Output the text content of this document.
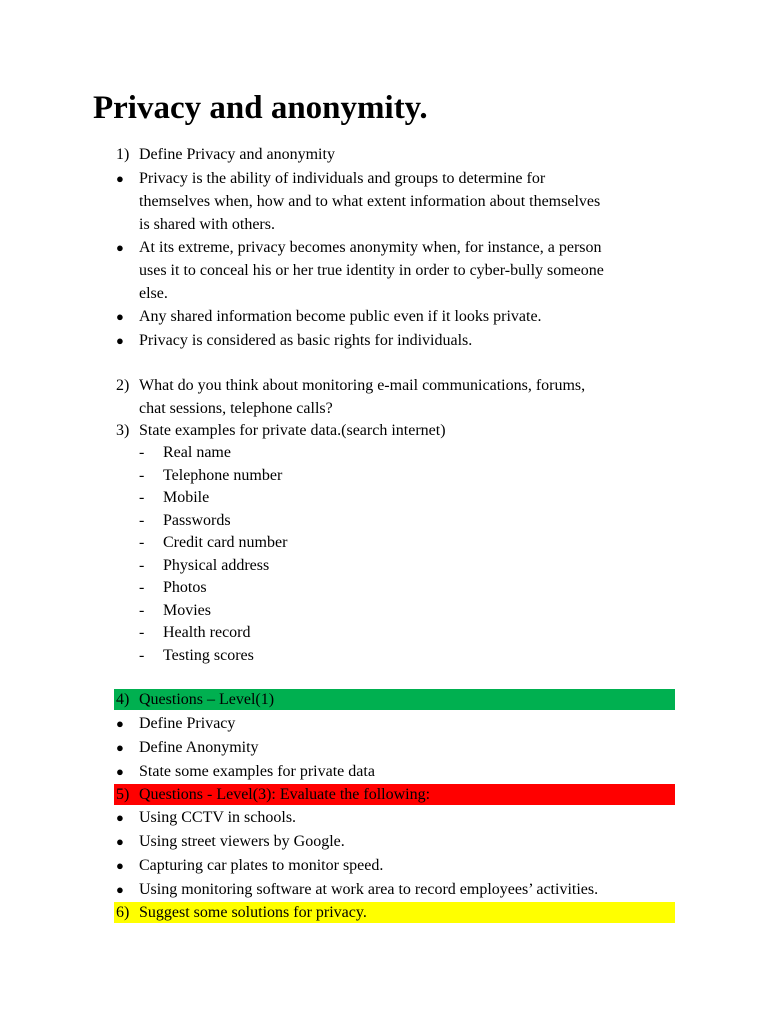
Privacy and anonymity.
1) Define Privacy and anonymity
● Privacy is the ability of individuals and groups to determine for
themselves when, how and to what extent information about themselves
is shared with others.
● At its extreme, privacy becomes anonymity when, for instance, a person
uses it to conceal his or her true identity in order to cyber-bully someone
else.
● Any shared information become public even if it looks private.
● Privacy is considered as basic rights for individuals.
2) What do you think about monitoring e-mail communications, forums,
chat sessions, telephone calls?
3) State examples for private data.(search internet)
- Real name
- Telephone number
- Mobile
- Passwords
- Credit card number
- Physical address
- Photos
- Movies
- Health record
- Testing scores
4) Questions – Level(1)
● Define Privacy
● Define Anonymity
● State some examples for private data
5) Questions - Level(3): Evaluate the following:
● Using CCTV in schools.
● Using street viewers by Google.
● Capturing car plates to monitor speed.
● Using monitoring software at work area to record employees’ activities.
6) Suggest some solutions for privacy.
